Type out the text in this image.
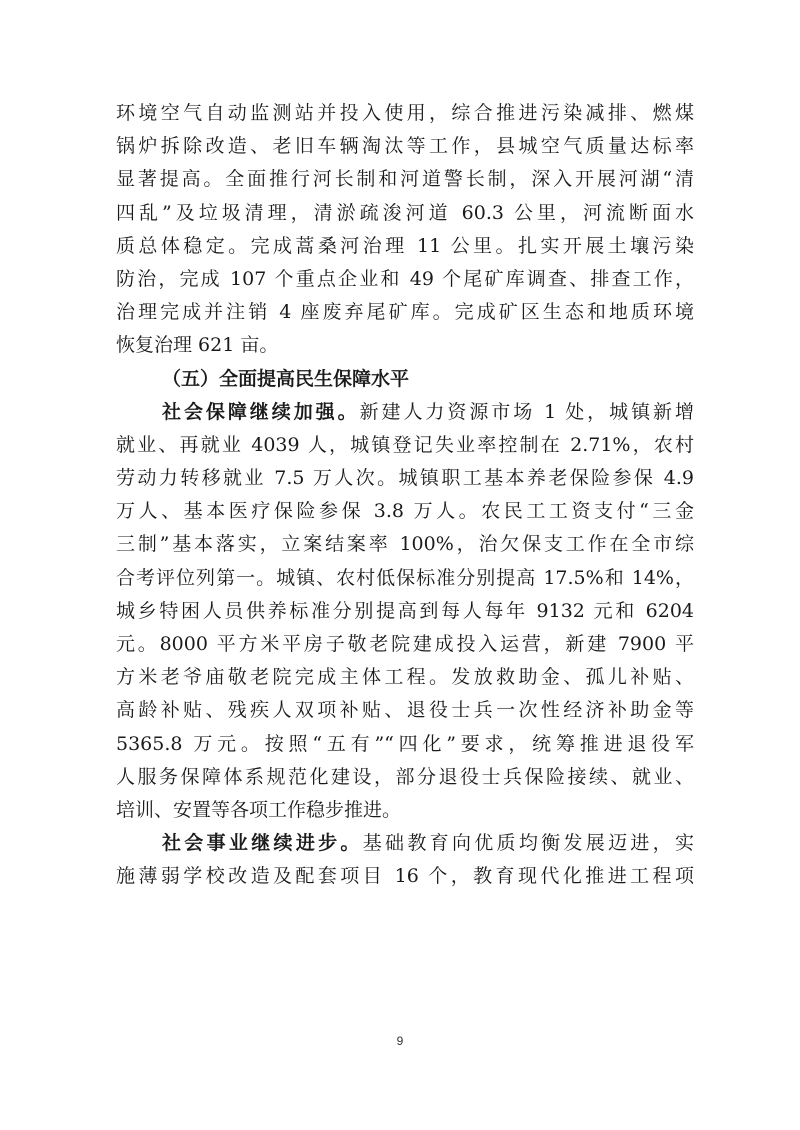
环境空气自动监测站并投入使用，综合推进污染减排、燃煤

锅炉拆除改造、老旧车辆淘汰等工作，县城空气质量达标率

显著提高。全面推行河长制和河道警长制，深入开展河湖“清

四乱”及垃圾清理，清淤疏浚河道 60.3 公里，河流断面水

质总体稳定。完成蒿桑河治理 11 公里。扎实开展土壤污染

防治，完成 107 个重点企业和 49 个尾矿库调查、排查工作，

治理完成并注销 4 座废弃尾矿库。完成矿区生态和地质环境

恢复治理 621 亩。

（五）全面提高民生保障水平

社会保障继续加强。新建人力资源市场 1 处，城镇新增

就业、再就业 4039 人，城镇登记失业率控制在 2.71%，农村

劳动力转移就业 7.5 万人次。城镇职工基本养老保险参保 4.9

万人、基本医疗保险参保 3.8 万人。农民工工资支付“三金

三制”基本落实，立案结案率 100%，治欠保支工作在全市综

合考评位列第一。城镇、农村低保标准分别提高 17.5%和 14%，

城乡特困人员供养标准分别提高到每人每年 9132 元和 6204

元。8000 平方米平房子敬老院建成投入运营，新建 7900 平

方米老爷庙敬老院完成主体工程。发放救助金、孤儿补贴、

高龄补贴、残疾人双项补贴、退役士兵一次性经济补助金等

5365.8 万元。按照“五有”“四化”要求，统筹推进退役军

人服务保障体系规范化建设，部分退役士兵保险接续、就业、

培训、安置等各项工作稳步推进。

社会事业继续进步。基础教育向优质均衡发展迈进，实

施薄弱学校改造及配套项目 16 个，教育现代化推进工程项

9
